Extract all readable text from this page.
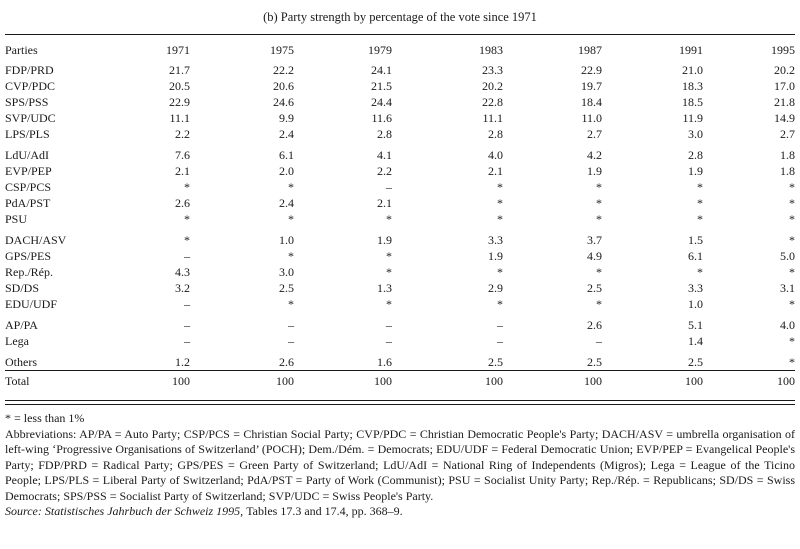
(b) Party strength by percentage of the vote since 1971
Parties	1971	1975	1979	1983	1987	1991	1995
FDP/PRD	21.7	22.2	24.1	23.3	22.9	21.0	20.2
CVP/PDC	20.5	20.6	21.5	20.2	19.7	18.3	17.0
SPS/PSS	22.9	24.6	24.4	22.8	18.4	18.5	21.8
SVP/UDC	11.1	9.9	11.6	11.1	11.0	11.9	14.9
LPS/PLS	2.2	2.4	2.8	2.8	2.7	3.0	2.7
LdU/AdI	7.6	6.1	4.1	4.0	4.2	2.8	1.8
EVP/PEP	2.1	2.0	2.2	2.1	1.9	1.9	1.8
CSP/PCS	*	*	–	*	*	*	*
PdA/PST	2.6	2.4	2.1	*	*	*	*
PSU	*	*	*	*	*	*	*
DACH/ASV	*	1.0	1.9	3.3	3.7	1.5	*
GPS/PES	–	*	*	1.9	4.9	6.1	5.0
Rep./Rép.	4.3	3.0	*	*	*	*	*
SD/DS	3.2	2.5	1.3	2.9	2.5	3.3	3.1
EDU/UDF	–	*	*	*	*	1.0	*
AP/PA	–	–	–	–	2.6	5.1	4.0
Lega	–	–	–	–	–	1.4	*
Others	1.2	2.6	1.6	2.5	2.5	2.5	*
Total	100	100	100	100	100	100	100

* = less than 1%

Abbreviations: AP/PA = Auto Party; CSP/PCS = Christian Social Party; CVP/PDC = Christian Democratic People's Party; DACH/ASV = umbrella organisation of left-wing ‘Progressive Organisations of Switzerland’ (POCH); Dem./Dém. = Democrats; EDU/UDF = Federal Democratic Union; EVP/PEP = Evangelical People's Party; FDP/PRD = Radical Party; GPS/PES = Green Party of Switzerland; LdU/AdI = National Ring of Independents (Migros); Lega = League of the Ticino People; LPS/PLS = Liberal Party of Switzerland; PdA/PST = Party of Work (Communist); PSU = Socialist Unity Party; Rep./Rép. = Republicans; SD/DS = Swiss Democrats; SPS/PSS = Socialist Party of Switzerland; SVP/UDC = Swiss People's Party.

Source: Statistisches Jahrbuch der Schweiz 1995, Tables 17.3 and 17.4, pp. 368–9.
